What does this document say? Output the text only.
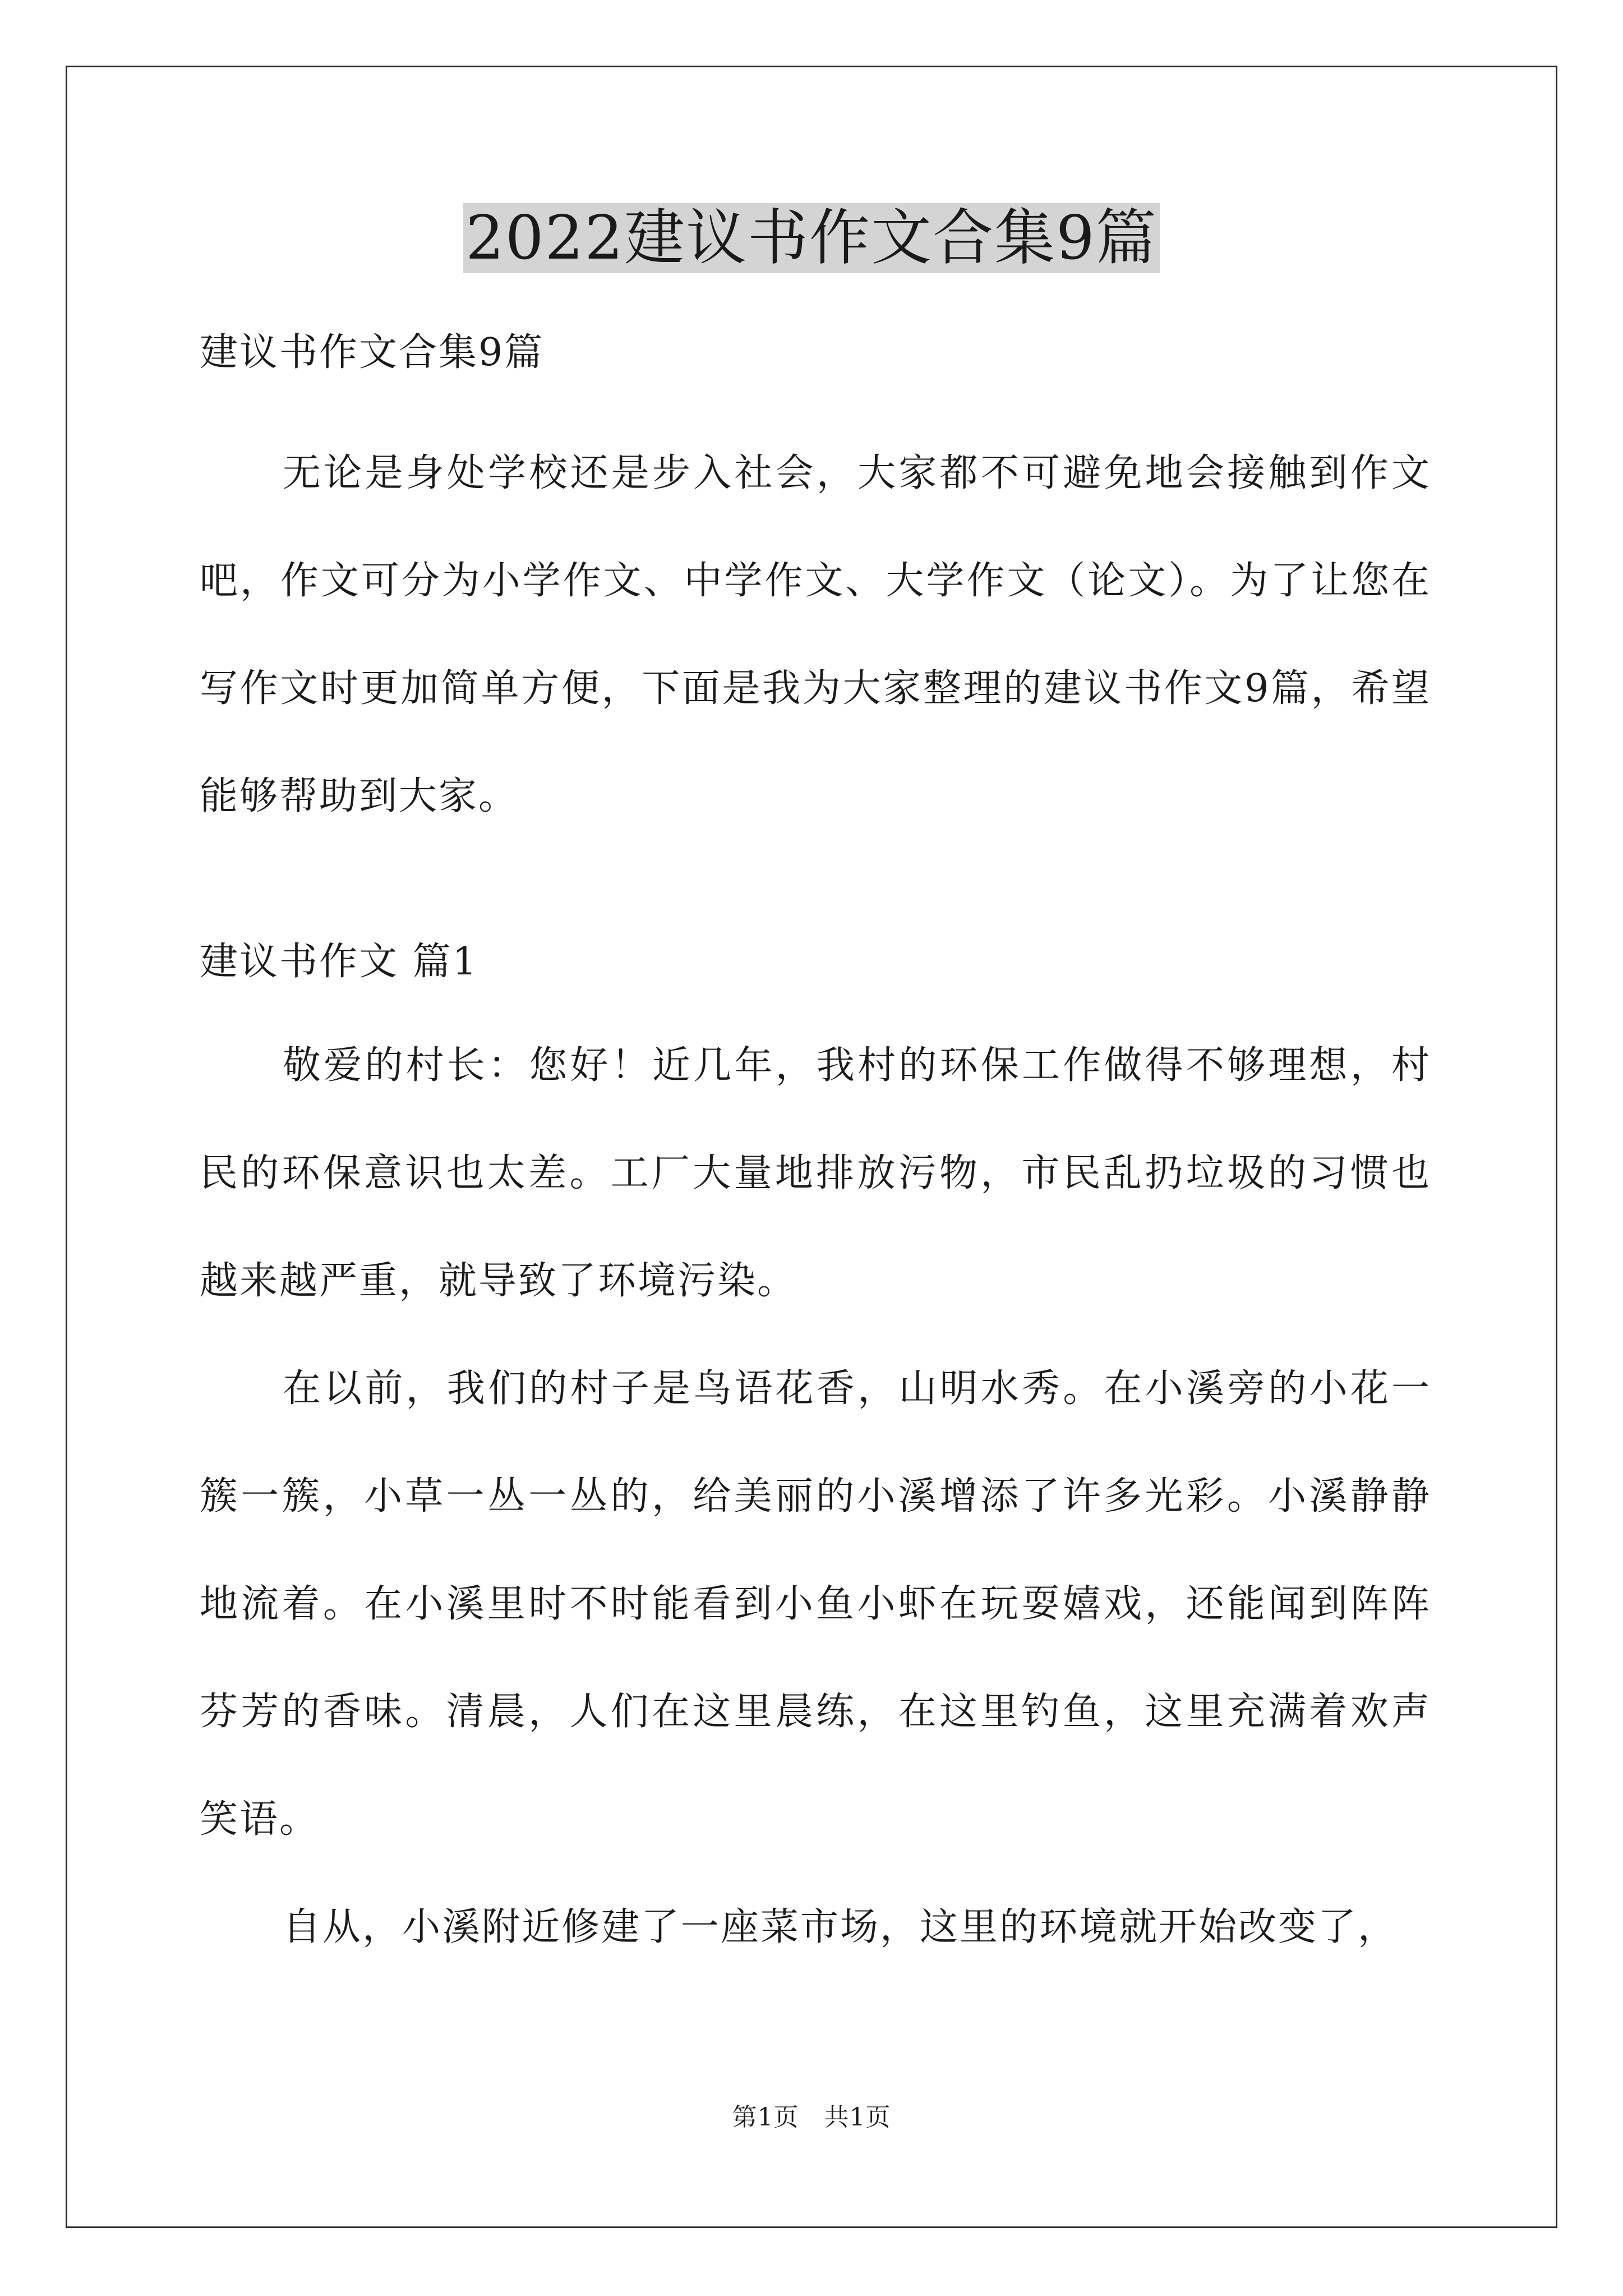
2022建议书作文合集9篇

建议书作文合集9篇

无论是身处学校还是步入社会，大家都不可避免地会接触到作文吧，作文可分为小学作文、中学作文、大学作文（论文）。为了让您在写作文时更加简单方便，下面是我为大家整理的建议书作文9篇，希望能够帮助到大家。

建议书作文 篇1

敬爱的村长：您好！近几年，我村的环保工作做得不够理想，村民的环保意识也太差。工厂大量地排放污物，市民乱扔垃圾的习惯也越来越严重，就导致了环境污染。

在以前，我们的村子是鸟语花香，山明水秀。在小溪旁的小花一簇一簇，小草一丛一丛的，给美丽的小溪增添了许多光彩。小溪静静地流着。在小溪里时不时能看到小鱼小虾在玩耍嬉戏，还能闻到阵阵芬芳的香味。清晨，人们在这里晨练，在这里钓鱼，这里充满着欢声笑语。

自从，小溪附近修建了一座菜市场，这里的环境就开始改变了，

第1页　共1页
